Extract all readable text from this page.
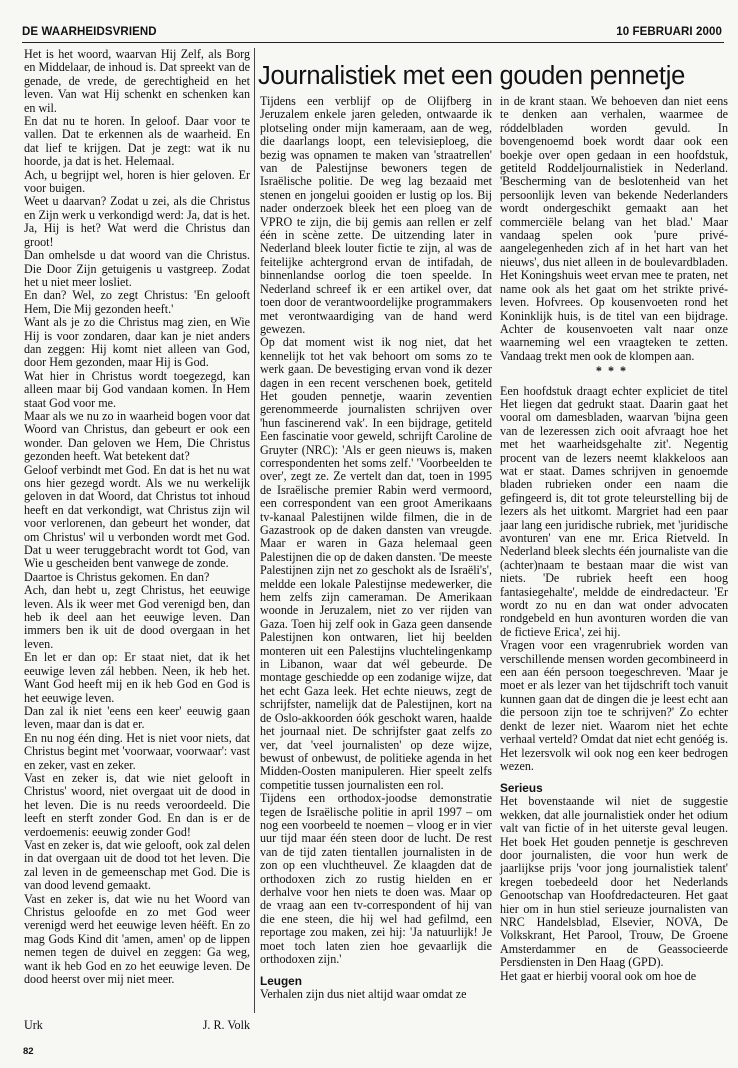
DE WAARHEIDSVRIEND	10 FEBRUARI 2000

Het is het woord, waarvan Hij Zelf, als Borg en Middelaar, de inhoud is. Dat spreekt van de genade, de vrede, de gerechtigheid en het leven. Van wat Hij schenkt en schenken kan en wil.

En dat nu te horen. In geloof. Daar voor te vallen. Dat te erkennen als de waarheid. En dat lief te krijgen. Dat je zegt: wat ik nu hoorde, ja dat is het. Helemaal.

Ach, u begrijpt wel, horen is hier geloven. Er voor buigen.

Weet u daarvan? Zodat u zei, als die Christus en Zijn werk u verkondigd werd: Ja, dat is het. Ja, Hij is het? Wat werd die Christus dan groot!

Dan omhelsde u dat woord van die Christus. Die Door Zijn getuigenis u vastgreep. Zodat het u niet meer losliet.

En dan? Wel, zo zegt Christus: 'En gelooft Hem, Die Mij gezonden heeft.'

Want als je zo die Christus mag zien, en Wie Hij is voor zondaren, daar kan je niet anders dan zeggen: Hij komt niet alleen van God, door Hem gezonden, maar Hij is God.

Wat hier in Christus wordt toegezegd, kan alleen maar bij God vandaan komen. In Hem staat God voor me.

Maar als we nu zo in waarheid bogen voor dat Woord van Christus, dan gebeurt er ook een wonder. Dan geloven we Hem, Die Christus gezonden heeft. Wat betekent dat?

Geloof verbindt met God. En dat is het nu wat ons hier gezegd wordt. Als we nu werkelijk geloven in dat Woord, dat Christus tot inhoud heeft en dat verkondigt, wat Christus zijn wil voor verlorenen, dan gebeurt het wonder, dat om Christus' wil u verbonden wordt met God. Dat u weer teruggebracht wordt tot God, van Wie u gescheiden bent vanwege de zonde.

Daartoe is Christus gekomen. En dan?

Ach, dan hebt u, zegt Christus, het eeuwige leven. Als ik weer met God verenigd ben, dan heb ik deel aan het eeuwige leven. Dan immers ben ik uit de dood overgaan in het leven.

En let er dan op: Er staat niet, dat ik het eeuwige leven zál hebben. Neen, ik heb het. Want God heeft mij en ik heb God en God is het eeuwige leven.

Dan zal ik niet 'eens een keer' eeuwig gaan leven, maar dan is dat er.

En nu nog één ding. Het is niet voor niets, dat Christus begint met 'voorwaar, voorwaar': vast en zeker, vast en zeker.

Vast en zeker is, dat wie niet gelooft in Christus' woord, niet overgaat uit de dood in het leven. Die is nu reeds veroordeeld. Die leeft en sterft zonder God. En dan is er de verdoemenis: eeuwig zonder God!

Vast en zeker is, dat wie gelooft, ook zal delen in dat overgaan uit de dood tot het leven. Die zal leven in de gemeenschap met God. Die is van dood levend gemaakt.

Vast en zeker is, dat wie nu het Woord van Christus geloofde en zo met God weer verenigd werd het eeuwige leven héëft. En zo mag Gods Kind dit 'amen, amen' op de lippen nemen tegen de duivel en zeggen: Ga weg, want ik heb God en zo het eeuwige leven. De dood heerst over mij niet meer.

Urk	J. R. Volk
82
Journalistiek met een gouden pennetje

Tijdens een verblijf op de Olijfberg in Jeruzalem enkele jaren geleden, ontwaarde ik plotseling onder mijn kameraam, aan de weg, die daarlangs loopt, een televisieploeg, die bezig was opnamen te maken van 'straatrellen' van de Palestijnse bewoners tegen de Israëlische politie. De weg lag bezaaid met stenen en jongelui gooiden er lustig op los. Bij nader onderzoek bleek het een ploeg van de VPRO te zijn, die bij gemis aan rellen er zelf één in scène zette. De uitzending later in Nederland bleek louter fictie te zijn, al was de feitelijke achtergrond ervan de intifadah, de binnenlandse oorlog die toen speelde. In Nederland schreef ik er een artikel over, dat toen door de verantwoordelijke programmakers met verontwaardiging van de hand werd gewezen.

Op dat moment wist ik nog niet, dat het kennelijk tot het vak behoort om soms zo te werk gaan. De bevestiging ervan vond ik dezer dagen in een recent verschenen boek, getiteld Het gouden pennetje, waarin zeventien gerenommeerde journalisten schrijven over 'hun fascinerend vak'. In een bijdrage, getiteld Een fascinatie voor geweld, schrijft Caroline de Gruyter (NRC): 'Als er geen nieuws is, maken correspondenten het soms zelf.' 'Voorbeelden te over', zegt ze. Ze vertelt dan dat, toen in 1995 de Israëlische premier Rabin werd vermoord, een correspondent van een groot Amerikaans tv-kanaal Palestijnen wilde filmen, die in de Gazastrook op de daken dansten van vreugde. Maar er waren in Gaza helemaal geen Palestijnen die op de daken dansten. 'De meeste Palestijnen zijn net zo geschokt als de Israëli's', meldde een lokale Palestijnse medewerker, die hem zelfs zijn cameraman. De Amerikaan woonde in Jeruzalem, niet zo ver rijden van Gaza. Toen hij zelf ook in Gaza geen dansende Palestijnen kon ontwaren, liet hij beelden monteren uit een Palestijns vluchtelingenkamp in Libanon, waar dat wél gebeurde. De montage geschiedde op een zodanige wijze, dat het echt Gaza leek. Het echte nieuws, zegt de schrijfster, namelijk dat de Palestijnen, kort na de Oslo-akkoorden óók geschokt waren, haalde het journaal niet. De schrijfster gaat zelfs zo ver, dat 'veel journalisten' op deze wijze, bewust of onbewust, de politieke agenda in het Midden-Oosten manipuleren. Hier speelt zelfs competitie tussen journalisten een rol.

Tijdens een orthodox-joodse demonstratie tegen de Israëlische politie in april 1997 – om nog een voorbeeld te noemen – vloog er in vier uur tijd maar één steen door de lucht. De rest van de tijd zaten tientallen journalisten in de zon op een vluchtheuvel. Ze klaagden dat de orthodoxen zich zo rustig hielden en er derhalve voor hen niets te doen was. Maar op de vraag aan een tv-correspondent of hij van die ene steen, die hij wel had gefilmd, een reportage zou maken, zei hij: 'Ja natuurlijk! Je moet toch laten zien hoe gevaarlijk die orthodoxen zijn.'

Leugen

Verhalen zijn dus niet altijd waar omdat ze

in de krant staan. We behoeven dan niet eens te denken aan verhalen, waarmee de róddelbladen worden gevuld. In bovengenoemd boek wordt daar ook een boekje over open gedaan in een hoofdstuk, getiteld Roddeljournalistiek in Nederland. 'Bescherming van de beslotenheid van het persoonlijk leven van bekende Nederlanders wordt ondergeschikt gemaakt aan het commerciële belang van het blad.' Maar vandaag spelen ook 'pure privé-aangelegenheden zich af in het hart van het nieuws', dus niet alleen in de boulevardbladen. Het Koningshuis weet ervan mee te praten, net name ook als het gaat om het strikte privé-leven. Hofvrees. Op kousenvoeten rond het Koninklijk huis, is de titel van een bijdrage. Achter de kousenvoeten valt naar onze waarneming wel een vraagteken te zetten. Vandaag trekt men ook de klompen aan.

***

Een hoofdstuk draagt echter expliciet de titel Het liegen dat gedrukt staat. Daarin gaat het vooral om damesbladen, waarvan 'bijna geen van de lezeressen zich ooit afvraagt hoe het met het waarheidsgehalte zit'. Negentig procent van de lezers neemt klakkeloos aan wat er staat. Dames schrijven in genoemde bladen rubrieken onder een naam die gefingeerd is, dit tot grote teleurstelling bij de lezers als het uitkomt. Margriet had een paar jaar lang een juridische rubriek, met 'juridische avonturen' van ene mr. Erica Rietveld. In Nederland bleek slechts één journaliste van die (achter)naam te bestaan maar die wist van niets. 'De rubriek heeft een hoog fantasiegehalte', meldde de eindredacteur. 'Er wordt zo nu en dan wat onder advocaten rondgebeld en hun avonturen worden die van de fictieve Erica', zei hij.

Vragen voor een vragenrubriek worden van verschillende mensen worden gecombineerd in een aan één persoon toegeschreven. 'Maar je moet er als lezer van het tijdschrift toch vanuit kunnen gaan dat de dingen die je leest echt aan die persoon zijn toe te schrijven?' Zo echter denkt de lezer niet. Waarom niet het echte verhaal verteld? Omdat dat niet echt genóég is. Het lezersvolk wil ook nog een keer bedrogen wezen.

Serieus

Het bovenstaande wil niet de suggestie wekken, dat alle journalistiek onder het odium valt van fictie of in het uiterste geval leugen. Het boek Het gouden pennetje is geschreven door journalisten, die voor hun werk de jaarlijkse prijs 'voor jong journalistiek talent' kregen toebedeeld door het Nederlands Genootschap van Hoofdredacteuren. Het gaat hier om in hun stiel serieuze journalisten van NRC Handelsblad, Elsevier, NOVA, De Volkskrant, Het Parool, Trouw, De Groene Amsterdammer en de Geassocieerde Persdiensten in Den Haag (GPD).

Het gaat er hierbij vooral ook om hoe de
